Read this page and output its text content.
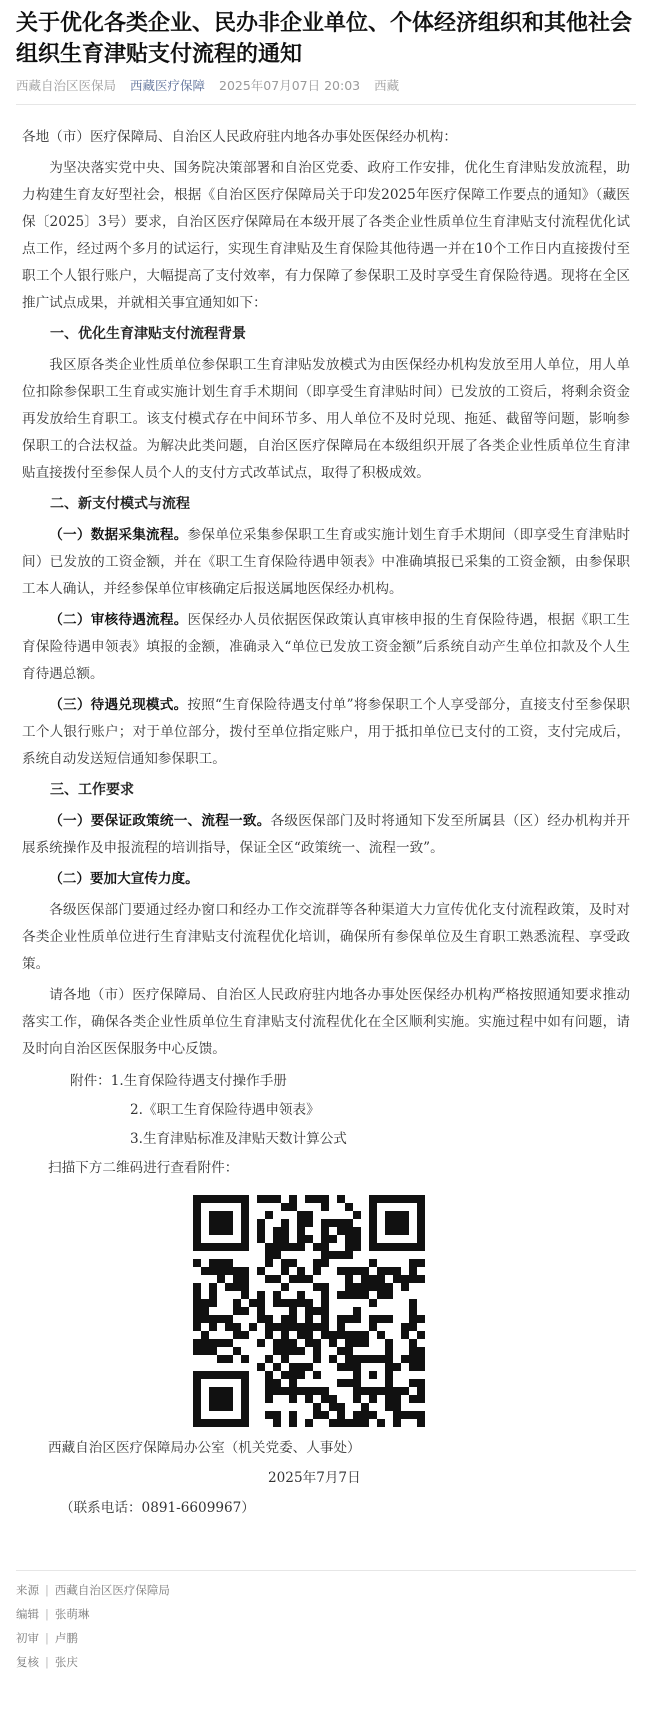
关于优化各类企业、民办非企业单位、个体经济组织和其他社会组织生育津贴支付流程的通知
西藏自治区医保局 西藏医疗保障 2025年07月07日 20:03 西藏

各地（市）医疗保障局、自治区人民政府驻内地各办事处医保经办机构：

为坚决落实党中央、国务院决策部署和自治区党委、政府工作安排，优化生育津贴发放流程，助力构建生育友好型社会，根据《自治区医疗保障局关于印发2025年医疗保障工作要点的通知》（藏医保〔2025〕3号）要求，自治区医疗保障局在本级开展了各类企业性质单位生育津贴支付流程优化试点工作，经过两个多月的试运行，实现生育津贴及生育保险其他待遇一并在10个工作日内直接拨付至职工个人银行账户，大幅提高了支付效率，有力保障了参保职工及时享受生育保险待遇。现将在全区推广试点成果，并就相关事宜通知如下：

一、优化生育津贴支付流程背景

我区原各类企业性质单位参保职工生育津贴发放模式为由医保经办机构发放至用人单位，用人单位扣除参保职工生育或实施计划生育手术期间（即享受生育津贴时间）已发放的工资后，将剩余资金再发放给生育职工。该支付模式存在中间环节多、用人单位不及时兑现、拖延、截留等问题，影响参保职工的合法权益。为解决此类问题，自治区医疗保障局在本级组织开展了各类企业性质单位生育津贴直接拨付至参保人员个人的支付方式改革试点，取得了积极成效。

二、新支付模式与流程

（一）数据采集流程。参保单位采集参保职工生育或实施计划生育手术期间（即享受生育津贴时间）已发放的工资金额，并在《职工生育保险待遇申领表》中准确填报已采集的工资金额，由参保职工本人确认，并经参保单位审核确定后报送属地医保经办机构。

（二）审核待遇流程。医保经办人员依据医保政策认真审核申报的生育保险待遇，根据《职工生育保险待遇申领表》填报的金额，准确录入“单位已发放工资金额”后系统自动产生单位扣款及个人生育待遇总额。

（三）待遇兑现模式。按照“生育保险待遇支付单”将参保职工个人享受部分，直接支付至参保职工个人银行账户；对于单位部分，拨付至单位指定账户，用于抵扣单位已支付的工资，支付完成后，系统自动发送短信通知参保职工。

三、工作要求

（一）要保证政策统一、流程一致。各级医保部门及时将通知下发至所属县（区）经办机构并开展系统操作及申报流程的培训指导，保证全区“政策统一、流程一致”。

（二）要加大宣传力度。

各级医保部门要通过经办窗口和经办工作交流群等各种渠道大力宣传优化支付流程政策，及时对各类企业性质单位进行生育津贴支付流程优化培训，确保所有参保单位及生育职工熟悉流程、享受政策。

请各地（市）医疗保障局、自治区人民政府驻内地各办事处医保经办机构严格按照通知要求推动落实工作，确保各类企业性质单位生育津贴支付流程优化在全区顺利实施。实施过程中如有问题，请及时向自治区医保服务中心反馈。

附件：1.生育保险待遇支付操作手册

2.《职工生育保险待遇申领表》

3.生育津贴标准及津贴天数计算公式

扫描下方二维码进行查看附件：

西藏自治区医疗保障局办公室（机关党委、人事处）

2025年7月7日

（联系电话：0891-6609967）

来源 | 西藏自治区医疗保障局
编辑 | 张萌琳
初审 | 卢鹏
复核 | 张庆
